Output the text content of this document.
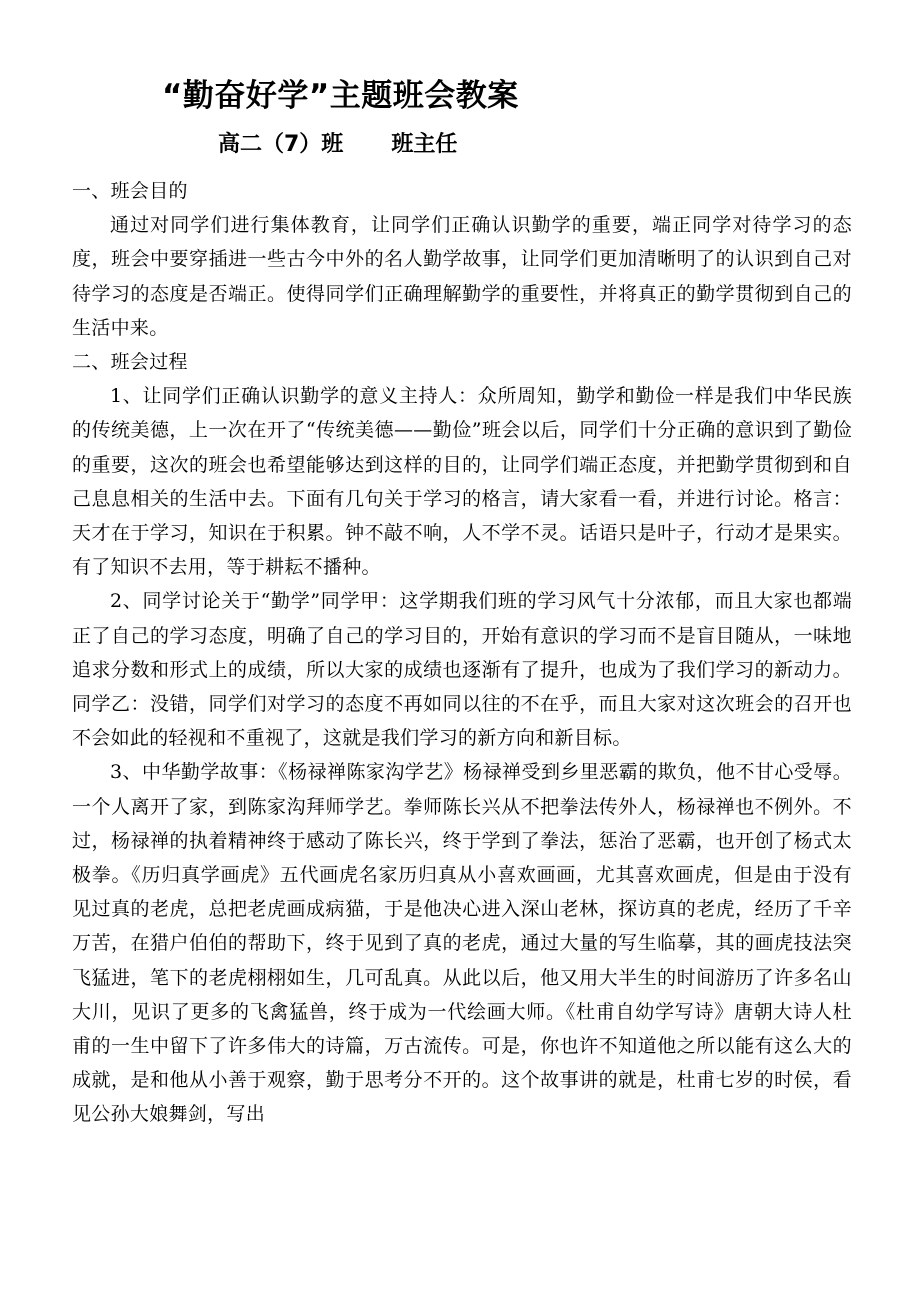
“勤奋好学”主题班会教案
高二（7）班 班主任

一、班会目的

通过对同学们进行集体教育，让同学们正确认识勤学的重要，端正同学对待学习的态度，班会中要穿插进一些古今中外的名人勤学故事，让同学们更加清晰明了的认识到自己对待学习的态度是否端正。使得同学们正确理解勤学的重要性，并将真正的勤学贯彻到自己的生活中来。

二、班会过程

1、让同学们正确认识勤学的意义主持人：众所周知，勤学和勤俭一样是我们中华民族的传统美德，上一次在开了“传统美德——勤俭”班会以后，同学们十分正确的意识到了勤俭的重要，这次的班会也希望能够达到这样的目的，让同学们端正态度，并把勤学贯彻到和自己息息相关的生活中去。下面有几句关于学习的格言，请大家看一看，并进行讨论。格言：天才在于学习，知识在于积累。钟不敲不响，人不学不灵。话语只是叶子，行动才是果实。有了知识不去用，等于耕耘不播种。

2、同学讨论关于“勤学”同学甲：这学期我们班的学习风气十分浓郁，而且大家也都端正了自己的学习态度，明确了自己的学习目的，开始有意识的学习而不是盲目随从，一味地追求分数和形式上的成绩，所以大家的成绩也逐渐有了提升，也成为了我们学习的新动力。同学乙：没错，同学们对学习的态度不再如同以往的不在乎，而且大家对这次班会的召开也不会如此的轻视和不重视了，这就是我们学习的新方向和新目标。

3、中华勤学故事：《杨禄禅陈家沟学艺》杨禄禅受到乡里恶霸的欺负，他不甘心受辱。一个人离开了家，到陈家沟拜师学艺。拳师陈长兴从不把拳法传外人，杨禄禅也不例外。不过，杨禄禅的执着精神终于感动了陈长兴，终于学到了拳法，惩治了恶霸，也开创了杨式太极拳。《历归真学画虎》五代画虎名家历归真从小喜欢画画，尤其喜欢画虎，但是由于没有见过真的老虎，总把老虎画成病猫，于是他决心进入深山老林，探访真的老虎，经历了千辛万苦，在猎户伯伯的帮助下，终于见到了真的老虎，通过大量的写生临摹，其的画虎技法突飞猛进，笔下的老虎栩栩如生，几可乱真。从此以后，他又用大半生的时间游历了许多名山大川，见识了更多的飞禽猛兽，终于成为一代绘画大师。《杜甫自幼学写诗》唐朝大诗人杜甫的一生中留下了许多伟大的诗篇，万古流传。可是，你也许不知道他之所以能有这么大的成就，是和他从小善于观察，勤于思考分不开的。这个故事讲的就是，杜甫七岁的时侯，看见公孙大娘舞剑，写出
